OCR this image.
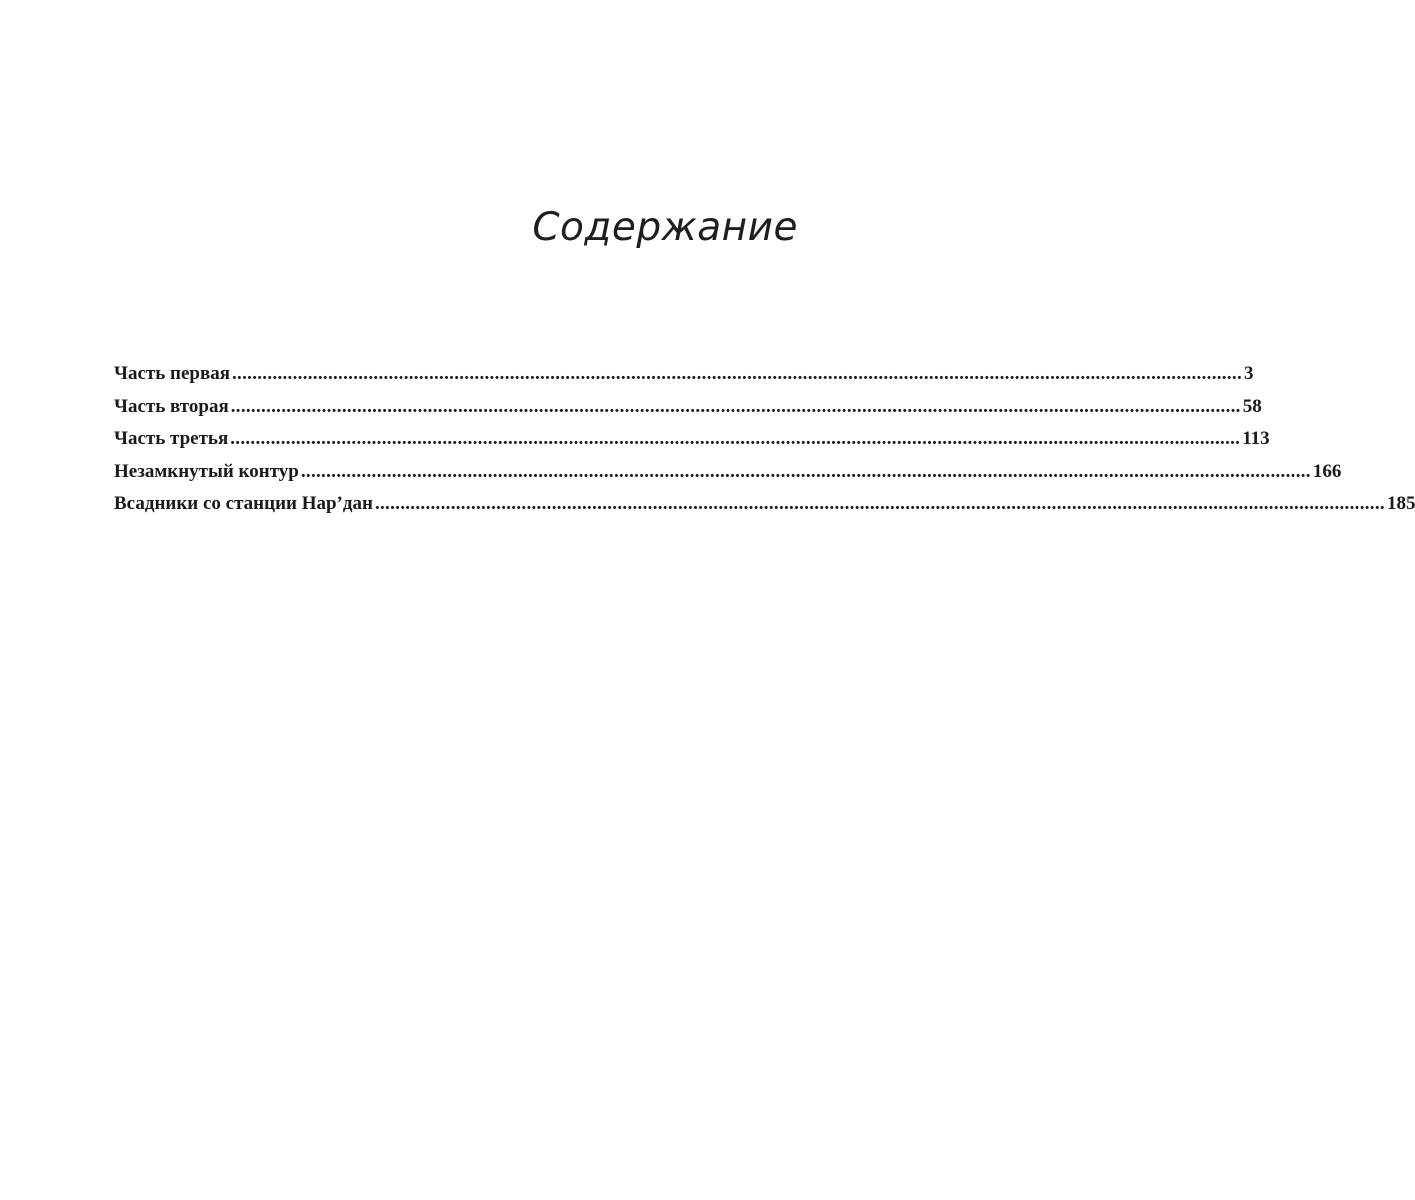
Содержание
Часть первая ........................................................................................................................................................................................................ 3
Часть вторая ........................................................................................................................................................................................................ 58
Часть третья ........................................................................................................................................................................................................ 113
Незамкнутый контур ........................................................................................................................................................................................................ 166
Всадники со станции Нар’дан ........................................................................................................................................................................................................ 185
